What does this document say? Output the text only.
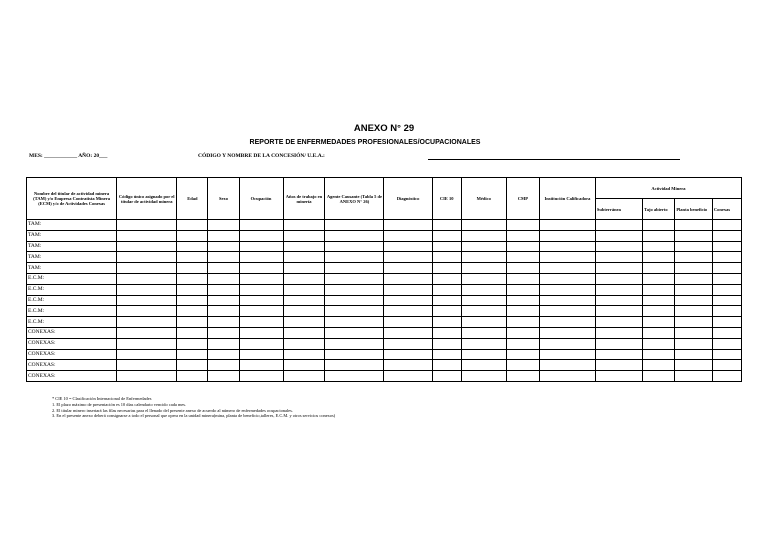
ANEXO N° 29
REPORTE DE ENFERMEDADES PROFESIONALES/OCUPACIONALES
MES: ____________ AÑO: 20___	CÓDIGO Y NOMBRE DE LA CONCESIÓN/ U.E.A.:
Nombre del titular de actividad minera (TAM) y/o Empresa Contratista Minera (ECM) y/o de Actividades Conexas	Código único asignado por el titular de actividad minera	Edad	Sexo	Ocupación	Años de trabajo en minería	Agente Causante (Tabla 5 de ANEXO N° 26)	Diagnóstico	CIE 10	Médico	CMP	Institución Calificadora	Actividad Minera			
												Subterránea	Tajo abierto	Planta beneficio	Conexas
TAM:															
TAM:															
TAM:															
TAM:															
TAM:															
E.C.M:															
E.C.M:															
E.C.M:															
E.C.M:															
E.C.M:															
CONEXAS:															
CONEXAS:															
CONEXAS:															
CONEXAS:															
CONEXAS:															
* CIE 10 = Clasificación Internacional de Enfermedades
1. El plazo máximo de presentación es 10 días calendario vencido cada mes.
2. El titular minero insertará las filas necesarias para el llenado del presente anexo de acuerdo al número de enfermedades ocupacionales.
3. En el presente anexo deberá consignarse a todo el personal que opera en la unidad minera(mina, planta de beneficio,talleres, E.C.M. y otros servicios conexos)
